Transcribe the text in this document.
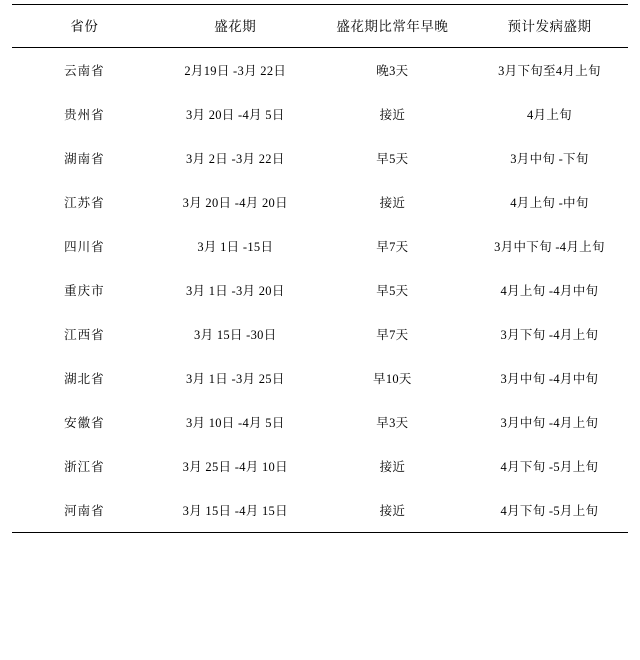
省份	盛花期	盛花期比常年早晚	预计发病盛期
云南省	2月19日 -3月 22日	晚3天	3月下旬至4月上旬
贵州省	3月 20日 -4月 5日	接近	4月上旬
湖南省	3月 2日 -3月 22日	早5天	3月中旬 -下旬
江苏省	3月 20日 -4月 20日	接近	4月上旬 -中旬
四川省	3月 1日 -15日	早7天	3月中下旬 -4月上旬
重庆市	3月 1日 -3月 20日	早5天	4月上旬 -4月中旬
江西省	3月 15日 -30日	早7天	3月下旬 -4月上旬
湖北省	3月 1日 -3月 25日	早10天	3月中旬 -4月中旬
安徽省	3月 10日 -4月 5日	早3天	3月中旬 -4月上旬
浙江省	3月 25日 -4月 10日	接近	4月下旬 -5月上旬
河南省	3月 15日 -4月 15日	接近	4月下旬 -5月上旬
